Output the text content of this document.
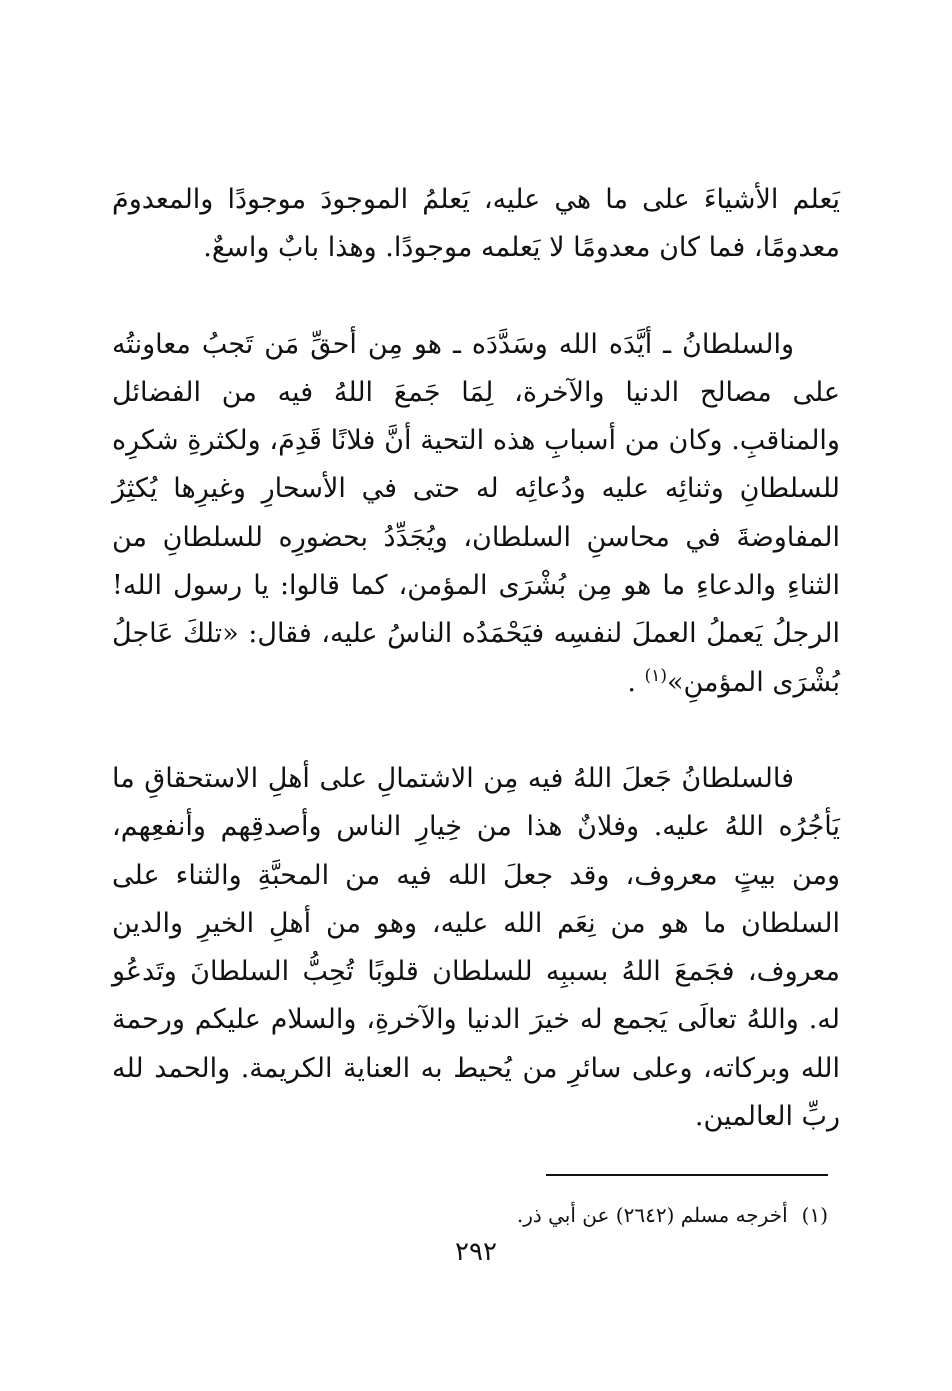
يَعلم الأشياءَ على ما هي عليه، يَعلمُ الموجودَ موجودًا والمعدومَ معدومًا، فما كان معدومًا لا يَعلمه موجودًا. وهذا بابٌ واسعٌ.

والسلطانُ ـ أيَّدَه الله وسَدَّدَه ـ هو مِن أحقِّ مَن تَجبُ معاونتُه على مصالح الدنيا والآخرة، لِمَا جَمعَ اللهُ فيه من الفضائل والمناقبِ. وكان من أسبابِ هذه التحية أنَّ فلانًا قَدِمَ، ولكثرةِ شكرِه للسلطانِ وثنائِه عليه ودُعائِه له حتى في الأسحارِ وغيرِها يُكثِرُ المفاوضةَ في محاسنِ السلطان، ويُجَدِّدُ بحضورِه للسلطانِ من الثناءِ والدعاءِ ما هو مِن بُشْرَى المؤمن، كما قالوا: يا رسول الله! الرجلُ يَعملُ العملَ لنفسِه فيَحْمَدُه الناسُ عليه، فقال: «تلكَ عَاجلُ بُشْرَى المؤمنِ»$^{(١)}$ .

فالسلطانُ جَعلَ اللهُ فيه مِن الاشتمالِ على أهلِ الاستحقاقِ ما يَأجُرُه اللهُ عليه. وفلانٌ هذا من خِيارِ الناس وأصدقِهم وأنفعِهم، ومن بيتٍ معروف، وقد جعلَ الله فيه من المحبَّةِ والثناء على السلطان ما هو من نِعَم الله عليه، وهو من أهلِ الخيرِ والدين معروف، فجَمعَ اللهُ بسببِه للسلطان قلوبًا تُحِبُّ السلطانَ وتَدعُو له. واللهُ تعالَى يَجمع له خيرَ الدنيا والآخرةِ، والسلام عليكم ورحمة الله وبركاته، وعلى سائرِ من يُحيط به العناية الكريمة. والحمد لله ربِّ العالمين.

(١)أخرجه مسلم (٢٦٤٢) عن أبي ذر.
٢٩٢
